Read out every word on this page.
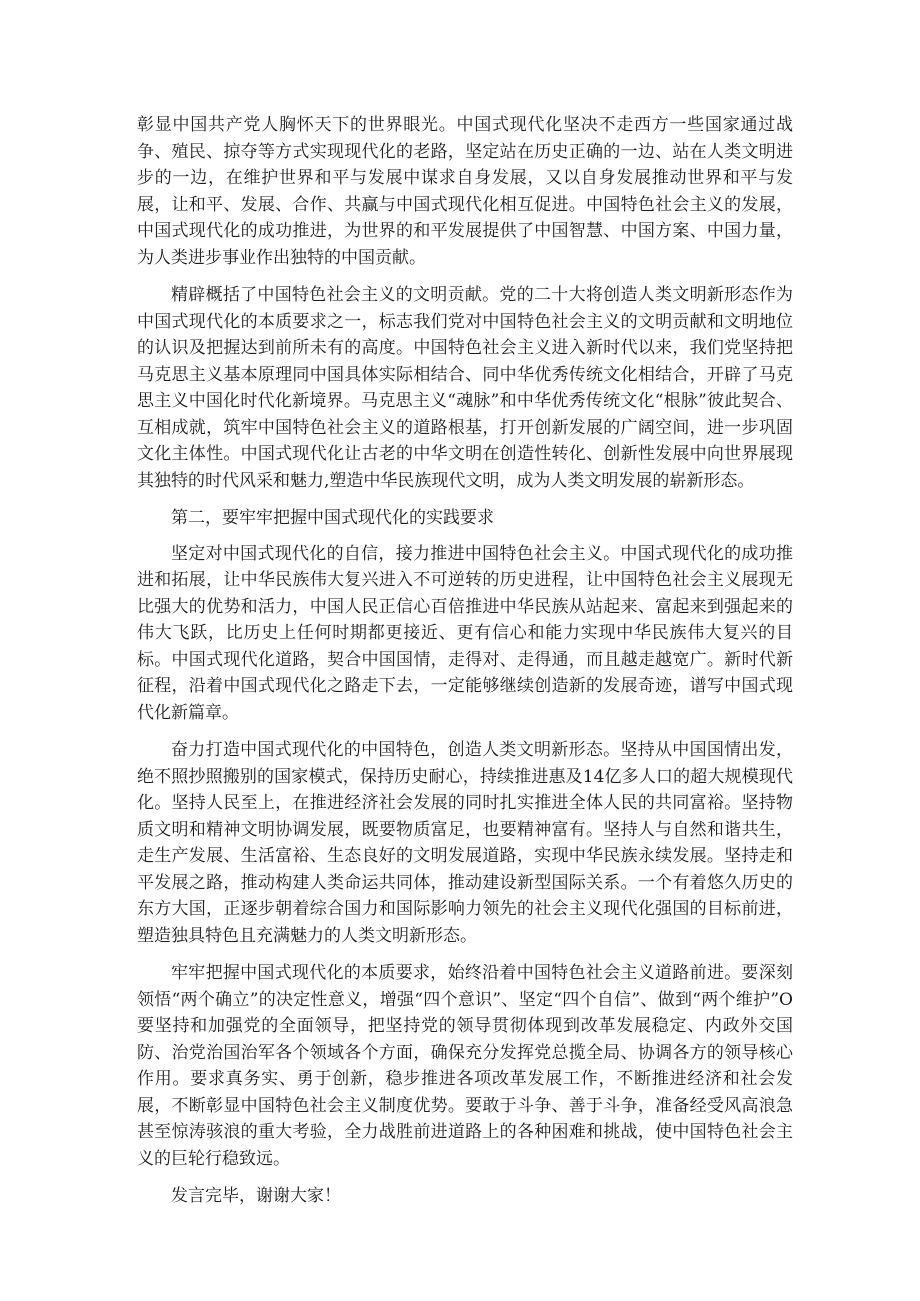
彰显中国共产党人胸怀天下的世界眼光。中国式现代化坚决不走西方一些国家通过战争、殖民、掠夺等方式实现现代化的老路，坚定站在历史正确的一边、站在人类文明进步的一边，在维护世界和平与发展中谋求自身发展，又以自身发展推动世界和平与发展，让和平、发展、合作、共赢与中国式现代化相互促进。中国特色社会主义的发展，中国式现代化的成功推进，为世界的和平发展提供了中国智慧、中国方案、中国力量，为人类进步事业作出独特的中国贡献。

精辟概括了中国特色社会主义的文明贡献。党的二十大将创造人类文明新形态作为中国式现代化的本质要求之一，标志我们党对中国特色社会主义的文明贡献和文明地位的认识及把握达到前所未有的高度。中国特色社会主义进入新时代以来，我们党坚持把马克思主义基本原理同中国具体实际相结合、同中华优秀传统文化相结合，开辟了马克思主义中国化时代化新境界。马克思主义“魂脉”和中华优秀传统文化“根脉”彼此契合、互相成就，筑牢中国特色社会主义的道路根基，打开创新发展的广阔空间，进一步巩固文化主体性。中国式现代化让古老的中华文明在创造性转化、创新性发展中向世界展现其独特的时代风采和魅力,塑造中华民族现代文明，成为人类文明发展的崭新形态。

第二，要牢牢把握中国式现代化的实践要求

坚定对中国式现代化的自信，接力推进中国特色社会主义。中国式现代化的成功推进和拓展，让中华民族伟大复兴进入不可逆转的历史进程，让中国特色社会主义展现无比强大的优势和活力，中国人民正信心百倍推进中华民族从站起来、富起来到强起来的伟大飞跃，比历史上任何时期都更接近、更有信心和能力实现中华民族伟大复兴的目标。中国式现代化道路，契合中国国情，走得对、走得通，而且越走越宽广。新时代新征程，沿着中国式现代化之路走下去，一定能够继续创造新的发展奇迹，谱写中国式现代化新篇章。

奋力打造中国式现代化的中国特色，创造人类文明新形态。坚持从中国国情出发，绝不照抄照搬别的国家模式，保持历史耐心，持续推进惠及14亿多人口的超大规模现代化。坚持人民至上，在推进经济社会发展的同时扎实推进全体人民的共同富裕。坚持物质文明和精神文明协调发展，既要物质富足，也要精神富有。坚持人与自然和谐共生，走生产发展、生活富裕、生态良好的文明发展道路，实现中华民族永续发展。坚持走和平发展之路，推动构建人类命运共同体，推动建设新型国际关系。一个有着悠久历史的东方大国，正逐步朝着综合国力和国际影响力领先的社会主义现代化强国的目标前进，塑造独具特色且充满魅力的人类文明新形态。

牢牢把握中国式现代化的本质要求，始终沿着中国特色社会主义道路前进。要深刻领悟“两个确立”的决定性意义，增强“四个意识”、坚定“四个自信”、做到“两个维护”O要坚持和加强党的全面领导，把坚持党的领导贯彻体现到改革发展稳定、内政外交国防、治党治国治军各个领域各个方面，确保充分发挥党总揽全局、协调各方的领导核心作用。要求真务实、勇于创新，稳步推进各项改革发展工作，不断推进经济和社会发展，不断彰显中国特色社会主义制度优势。要敢于斗争、善于斗争，准备经受风高浪急甚至惊涛骇浪的重大考验，全力战胜前进道路上的各种困难和挑战，使中国特色社会主义的巨轮行稳致远。

发言完毕，谢谢大家！
